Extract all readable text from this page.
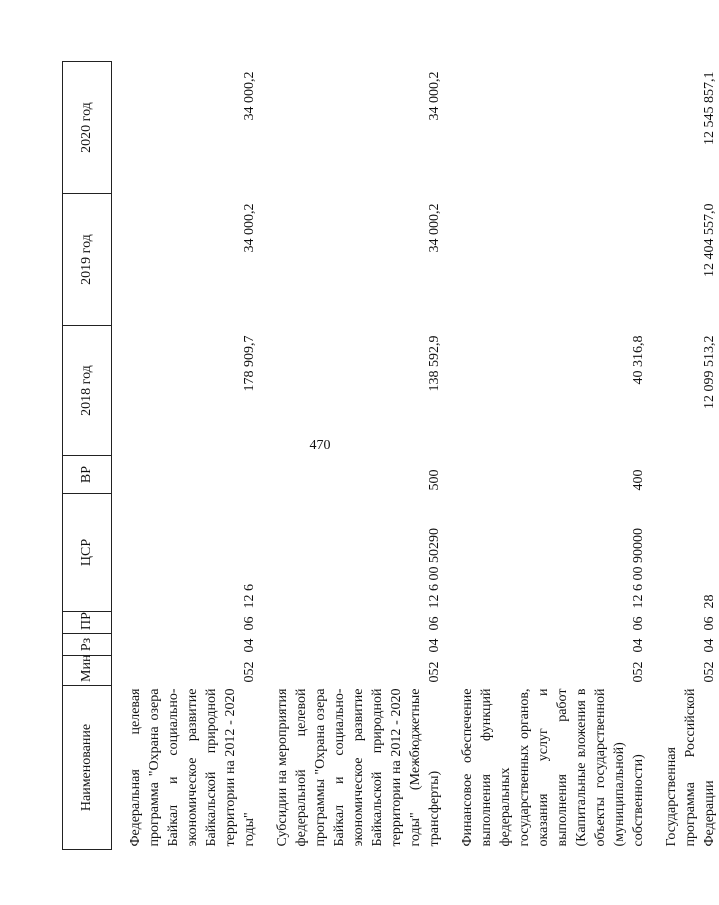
470
Наименование	Мин	Рз	ПР	ЦСР	ВР	2018 год	2019 год	2020 год

Федеральная целевая программа "Охрана озера Байкал и социально-экономическое развитие Байкальской природной территории на 2012 - 2020 годы"	052	04	06	12 6		178 909,7	34 000,2	34 000,2

Субсидии на мероприятия федеральной целевой программы "Охрана озера Байкал и социально-экономическое развитие Байкальской природной территории на 2012 - 2020 годы" (Межбюджетные трансферты)	052	04	06	12 6 00 50290	500	138 592,9	34 000,2	34 000,2

Финансовое обеспечение выполнения функций федеральных государственных органов, оказания услуг и выполнения работ (Капитальные вложения в объекты государственной (муниципальной) собственности)	052	04	06	12 6 00 90000	400	40 316,8		

Государственная программа Российской Федерации	052	04	06	28		12 099 513,2	12 404 557,0	12 545 857,1
